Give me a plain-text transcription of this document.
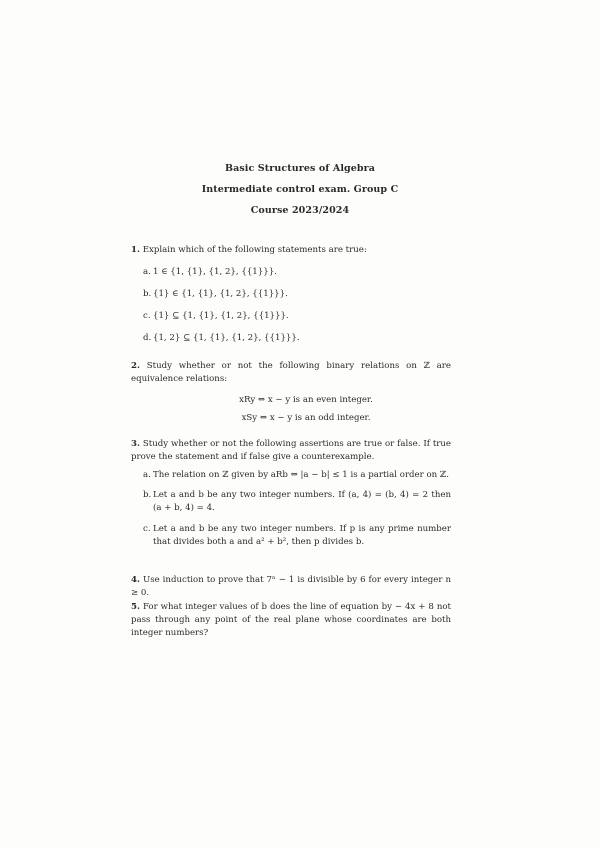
Basic Structures of Algebra
Intermediate control exam. Group C
Course 2023/2024
1. Explain which of the following statements are true:
a. 1 ∈ {1, {1}, {1, 2}, {{1}}}.
b. {1} ∈ {1, {1}, {1, 2}, {{1}}}.
c. {1} ⊆ {1, {1}, {1, 2}, {{1}}}.
d. {1, 2} ⊆ {1, {1}, {1, 2}, {{1}}}.
2. Study whether or not the following binary relations on ℤ are equivalence relations:
xRy ⇔ x − y is an even integer.
xSy ⇔ x − y is an odd integer.
3. Study whether or not the following assertions are true or false. If true prove the statement and if false give a counterexample.
a. The relation on ℤ given by aRb ⇔ |a − b| ≤ 1 is a partial order on ℤ.
b. Let a and b be any two integer numbers. If (a, 4) = (b, 4) = 2 then (a + b, 4) = 4.
c. Let a and b be any two integer numbers. If p is any prime number that divides both a and a² + b², then p divides b.
4. Use induction to prove that 7ⁿ − 1 is divisible by 6 for every integer n ≥ 0.
5. For what integer values of b does the line of equation by − 4x + 8 not pass through any point of the real plane whose coordinates are both integer numbers?
